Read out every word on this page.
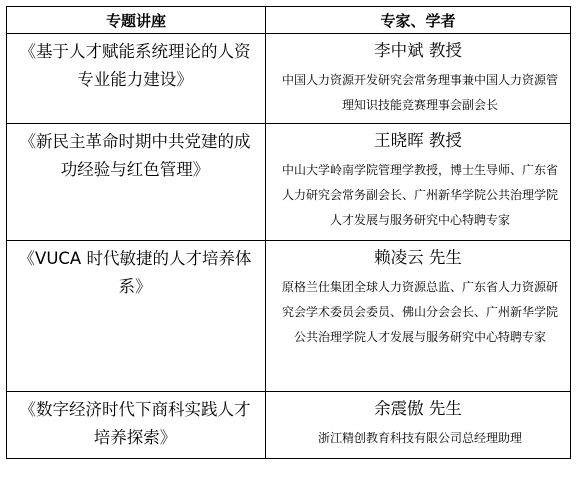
专题讲座	专家、学者

《基于人才赋能系统理论的人资专业能力建设》	李中斌 教授
中国人力资源开发研究会常务理事兼中国人力资源管理知识技能竞赛理事会副会长

《新民主革命时期中共党建的成功经验与红色管理》	王晓晖 教授
中山大学岭南学院管理学教授，博士生导师、广东省人力研究会常务副会长、广州新华学院公共治理学院人才发展与服务研究中心特聘专家

《VUCA 时代敏捷的人才培养体系》	赖凌云 先生
原格兰仕集团全球人力资源总监、广东省人力资源研究会学术委员会委员、佛山分会会长、广州新华学院公共治理学院人才发展与服务研究中心特聘专家

《数字经济时代下商科实践人才培养探索》	余震傲 先生
浙江精创教育科技有限公司总经理助理
